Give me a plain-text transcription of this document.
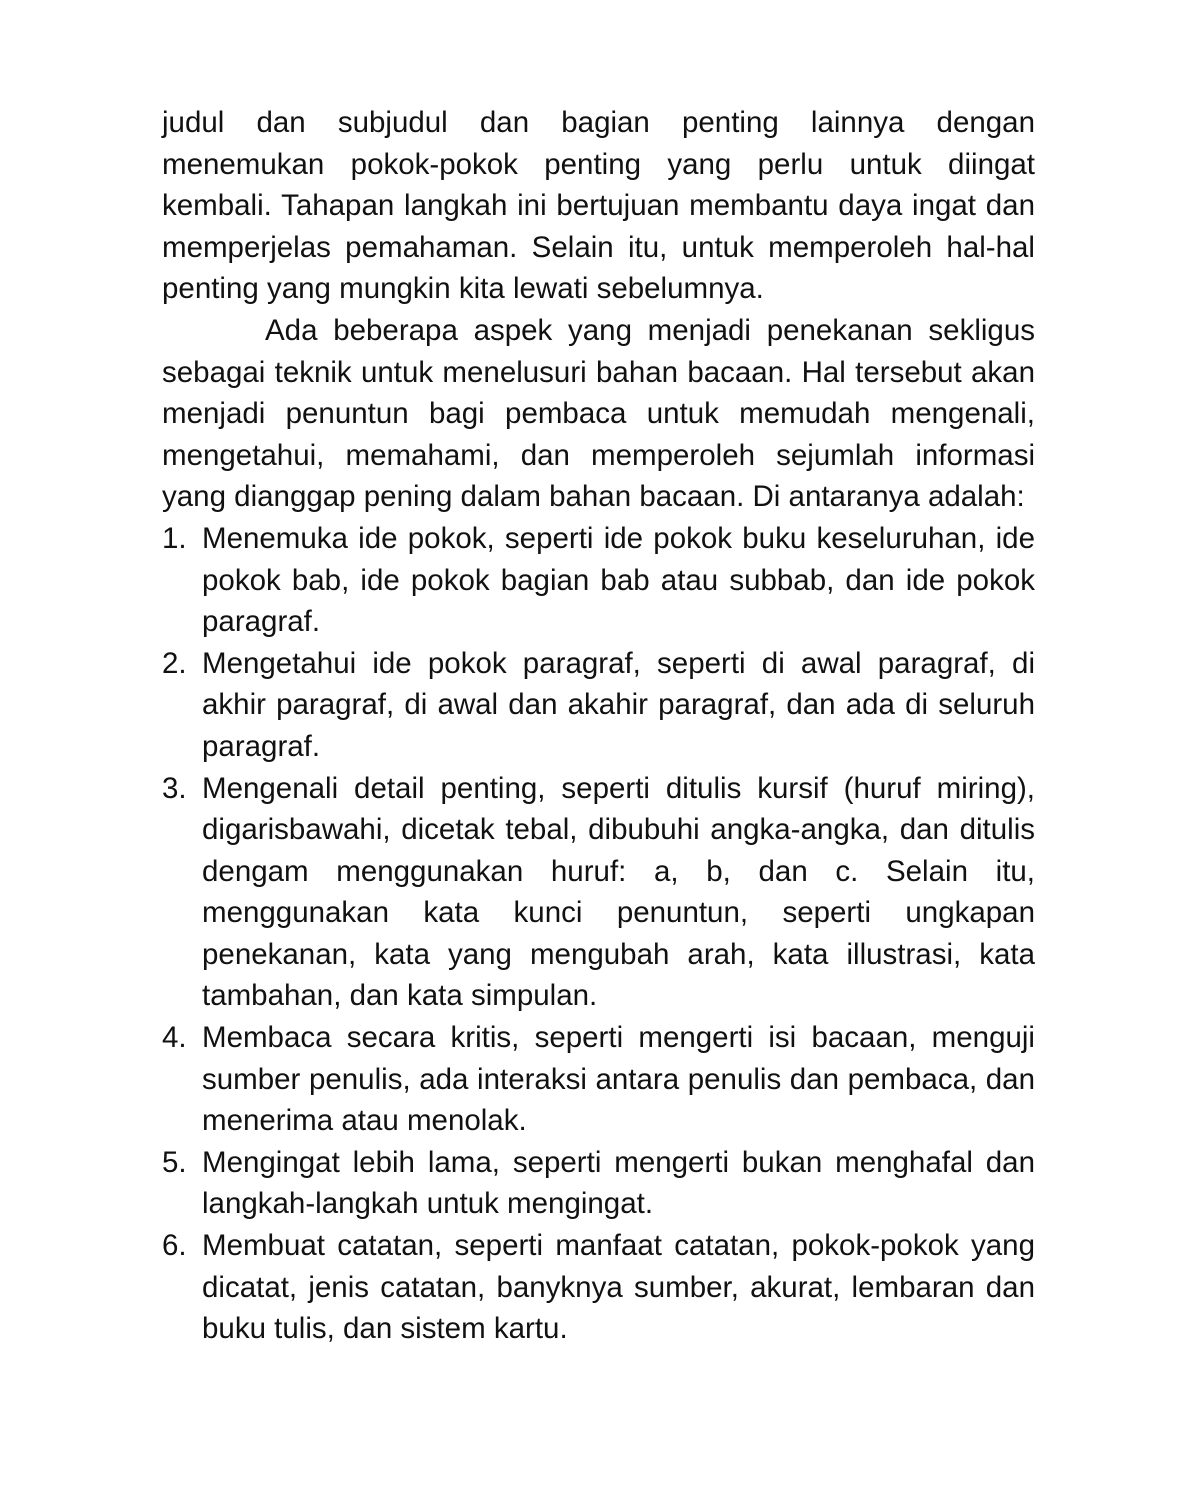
judul dan subjudul dan bagian penting lainnya dengan menemukan pokok-pokok penting yang perlu untuk diingat kembali. Tahapan langkah ini bertujuan membantu daya ingat dan memperjelas pemahaman. Selain itu, untuk memperoleh hal-hal penting yang mungkin kita lewati sebelumnya.

Ada beberapa aspek yang menjadi penekanan sekligus sebagai teknik untuk menelusuri bahan bacaan. Hal tersebut akan menjadi penuntun bagi pembaca untuk memudah mengenali, mengetahui, memahami, dan memperoleh sejumlah informasi yang dianggap pening dalam bahan bacaan. Di antaranya adalah:

1. Menemuka ide pokok, seperti ide pokok buku keseluruhan, ide pokok bab, ide pokok bagian bab atau subbab, dan ide pokok paragraf.
2. Mengetahui ide pokok paragraf, seperti di awal paragraf, di akhir paragraf, di awal dan akahir paragraf, dan ada di seluruh paragraf.
3. Mengenali detail penting, seperti ditulis kursif (huruf miring), digarisbawahi, dicetak tebal, dibubuhi angka-angka, dan ditulis dengam menggunakan huruf: a, b, dan c. Selain itu, menggunakan kata kunci penuntun, seperti ungkapan penekanan, kata yang mengubah arah, kata illustrasi, kata tambahan, dan kata simpulan.
4. Membaca secara kritis, seperti mengerti isi bacaan, menguji sumber penulis, ada interaksi antara penulis dan pembaca, dan menerima atau menolak.
5. Mengingat lebih lama, seperti mengerti bukan menghafal dan langkah-langkah untuk mengingat.
6. Membuat catatan, seperti manfaat catatan, pokok-pokok yang dicatat, jenis catatan, banyknya sumber, akurat, lembaran dan buku tulis, dan sistem kartu.
